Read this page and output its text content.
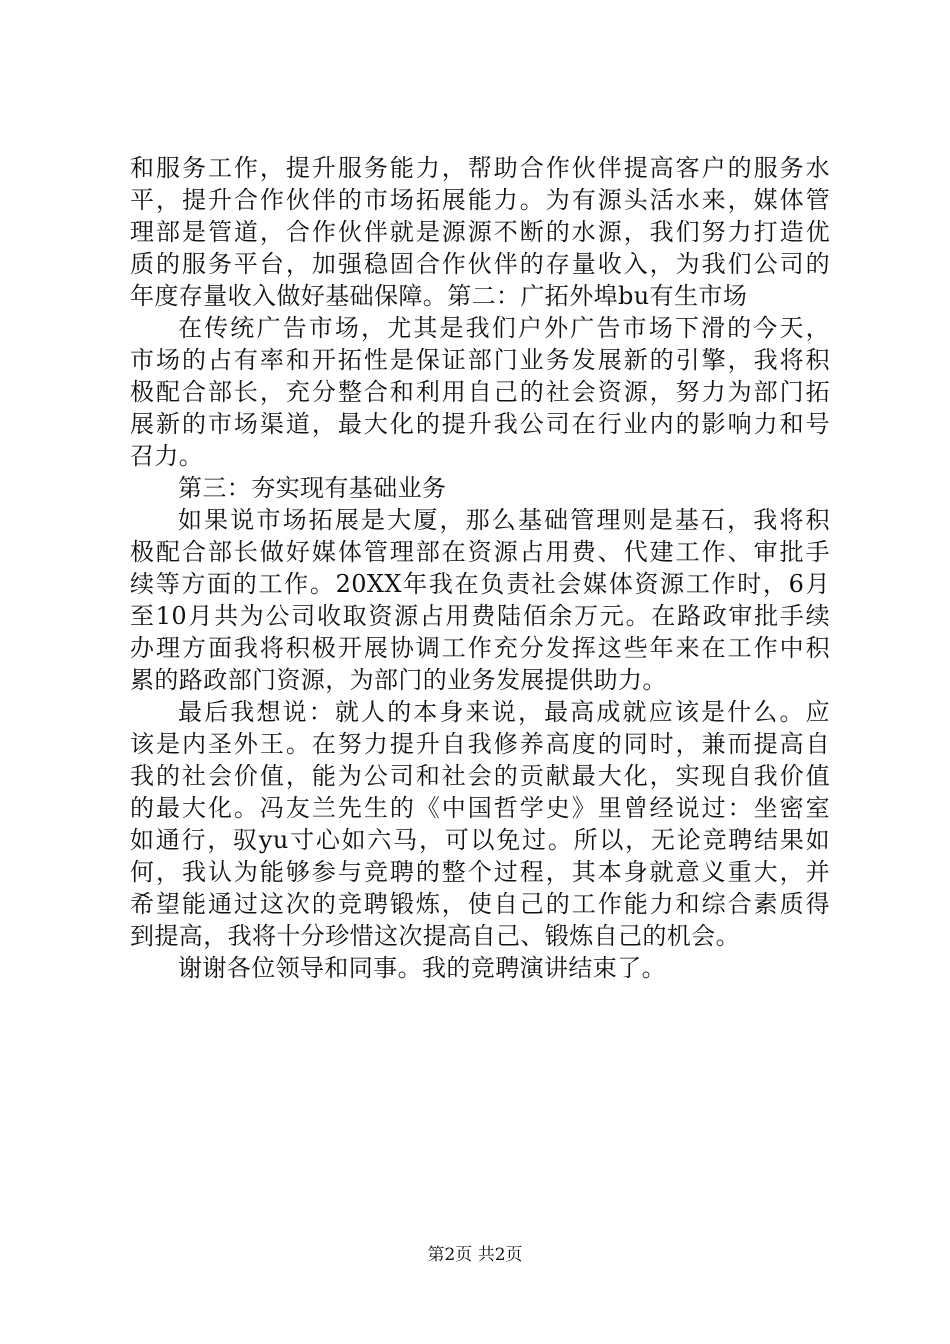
和服务工作，提升服务能力，帮助合作伙伴提高客户的服务水
平，提升合作伙伴的市场拓展能力。为有源头活水来，媒体管
理部是管道，合作伙伴就是源源不断的水源，我们努力打造优
质的服务平台，加强稳固合作伙伴的存量收入，为我们公司的
年度存量收入做好基础保障。第二：广拓外埠bu有生市场
在传统广告市场，尤其是我们户外广告市场下滑的今天，
市场的占有率和开拓性是保证部门业务发展新的引擎，我将积
极配合部长，充分整合和利用自己的社会资源，努力为部门拓
展新的市场渠道，最大化的提升我公司在行业内的影响力和号
召力。
第三：夯实现有基础业务
如果说市场拓展是大厦，那么基础管理则是基石，我将积
极配合部长做好媒体管理部在资源占用费、代建工作、审批手
续等方面的工作。20XX年我在负责社会媒体资源工作时，6月
至10月共为公司收取资源占用费陆佰余万元。在路政审批手续
办理方面我将积极开展协调工作充分发挥这些年来在工作中积
累的路政部门资源，为部门的业务发展提供助力。
最后我想说：就人的本身来说，最高成就应该是什么。应
该是内圣外王。在努力提升自我修养高度的同时，兼而提高自
我的社会价值，能为公司和社会的贡献最大化，实现自我价值
的最大化。冯友兰先生的《中国哲学史》里曾经说过：坐密室
如通行，驭yu寸心如六马，可以免过。所以，无论竞聘结果如
何，我认为能够参与竞聘的整个过程，其本身就意义重大，并
希望能通过这次的竞聘锻炼，使自己的工作能力和综合素质得
到提高，我将十分珍惜这次提高自己、锻炼自己的机会。
谢谢各位领导和同事。我的竞聘演讲结束了。
第2页 共2页
